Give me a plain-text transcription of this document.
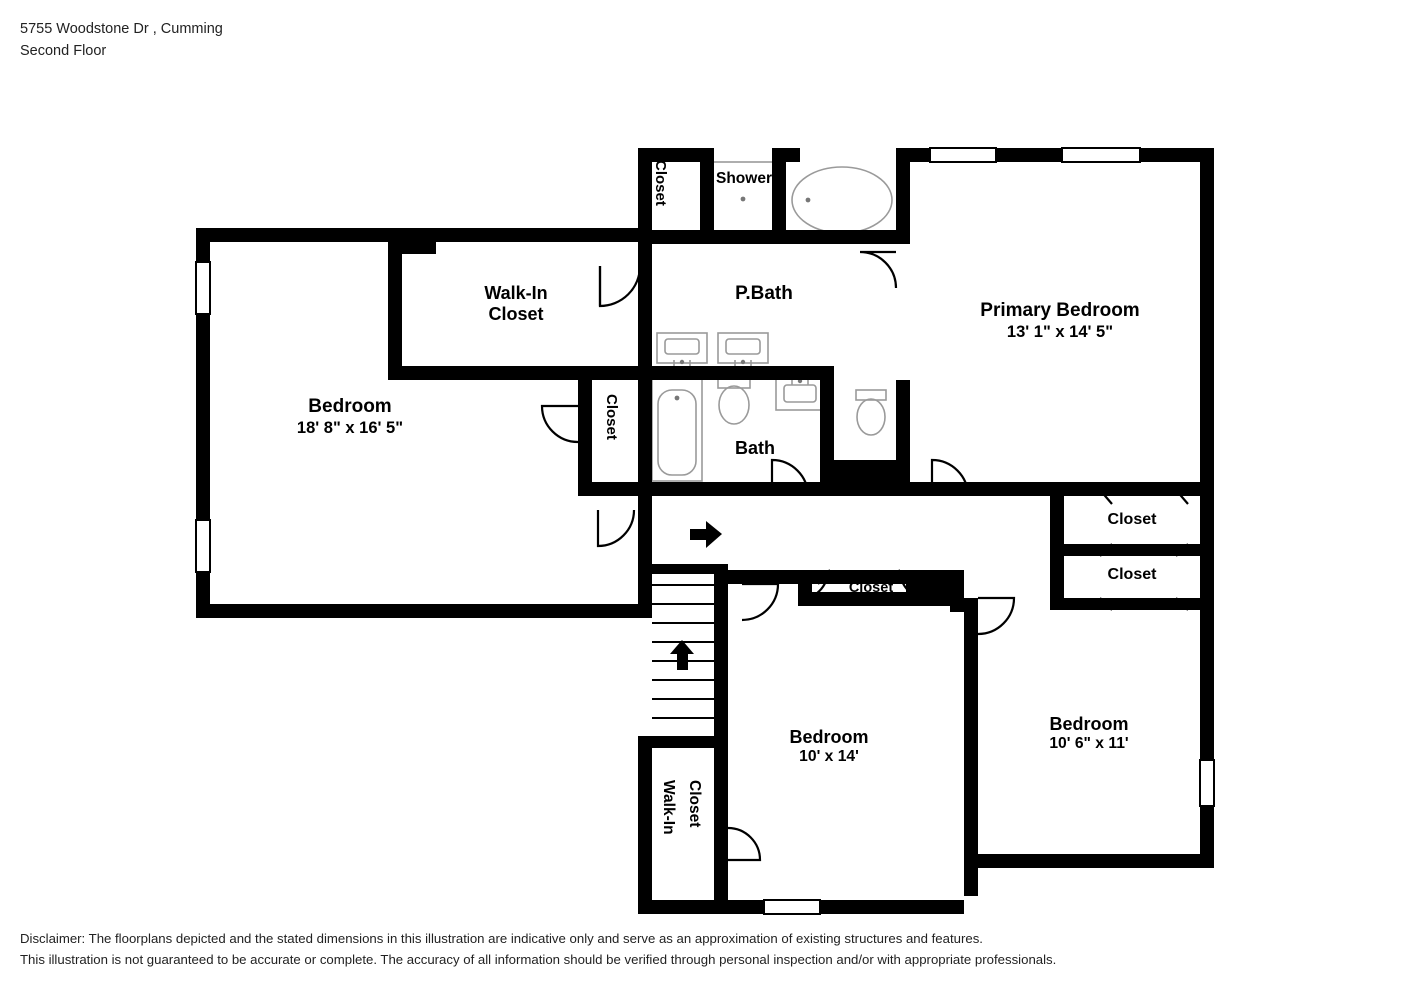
5755 Woodstone Dr , Cumming
Second Floor
Bedroom
18' 8" x 16' 5"
Walk-In
Closet
Closet	Shower
P.Bath
Primary Bedroom
13' 1" x 14' 5"
Closet
Bath
Closet
Closet
Closet
Bedroom
10' x 14'
Bedroom
10' 6" x 11'
Walk-In Closet
Disclaimer: The floorplans depicted and the stated dimensions in this illustration are indicative only and serve as an approximation of existing structures and features.
This illustration is not guaranteed to be accurate or complete. The accuracy of all information should be verified through personal inspection and/or with appropriate professionals.
